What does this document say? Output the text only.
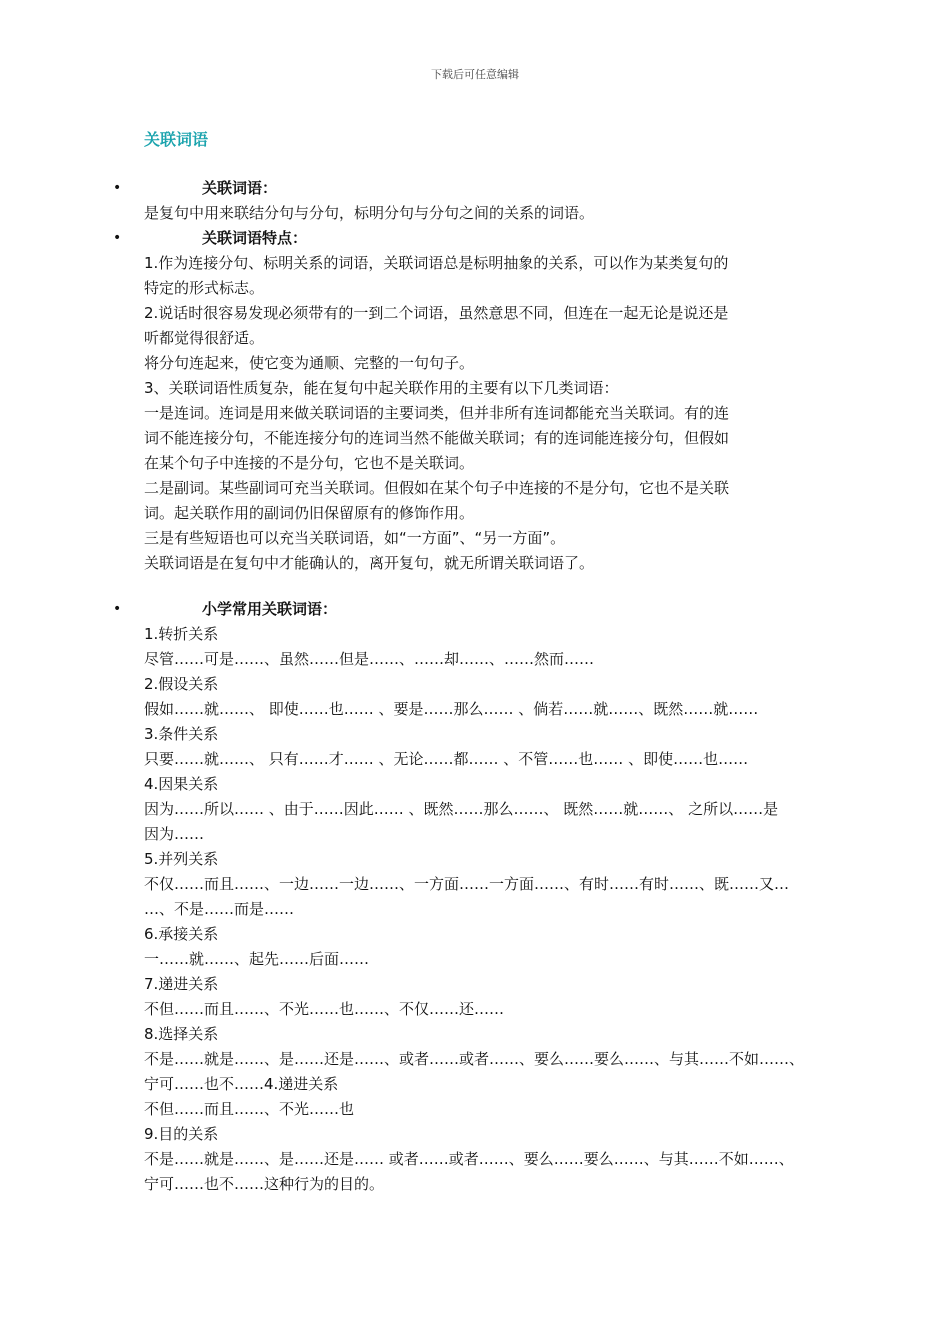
下载后可任意编辑
关联词语
•	关联词语：
是复句中用来联结分句与分句，标明分句与分句之间的关系的词语。
•	关联词语特点：
1.作为连接分句、标明关系的词语，关联词语总是标明抽象的关系，可以作为某类复句的
特定的形式标志。
2.说话时很容易发现必须带有的一到二个词语，虽然意思不同，但连在一起无论是说还是
听都觉得很舒适。
将分句连起来，使它变为通顺、完整的一句句子。
3、关联词语性质复杂，能在复句中起关联作用的主要有以下几类词语：
一是连词。连词是用来做关联词语的主要词类，但并非所有连词都能充当关联词。有的连
词不能连接分句，不能连接分句的连词当然不能做关联词；有的连词能连接分句，但假如
在某个句子中连接的不是分句，它也不是关联词。
二是副词。某些副词可充当关联词。但假如在某个句子中连接的不是分句，它也不是关联
词。起关联作用的副词仍旧保留原有的修饰作用。
三是有些短语也可以充当关联词语，如“一方面”、“另一方面”。
关联词语是在复句中才能确认的，离开复句，就无所谓关联词语了。
•	小学常用关联词语：
1.转折关系
尽管……可是……、虽然……但是……、……却……、……然而……
2.假设关系
假如……就……、 即使……也…… 、要是……那么…… 、倘若……就……、既然……就……
3.条件关系
只要……就……、 只有……才…… 、无论……都…… 、不管……也…… 、即使……也……
4.因果关系
因为……所以…… 、由于……因此…… 、既然……那么……、 既然……就……、 之所以……是
因为……
5.并列关系
不仅……而且……、一边……一边……、一方面……一方面……、有时……有时……、既……又…
…、不是……而是……
6.承接关系
一……就……、起先……后面……
7.递进关系
不但……而且……、不光……也……、不仅……还……
8.选择关系
不是……就是……、是……还是……、或者……或者……、要么……要么……、与其……不如……、
宁可……也不……4.递进关系
不但……而且……、不光……也
9.目的关系
不是……就是……、是……还是…… 或者……或者……、要么……要么……、与其……不如……、
宁可……也不……这种行为的目的。
